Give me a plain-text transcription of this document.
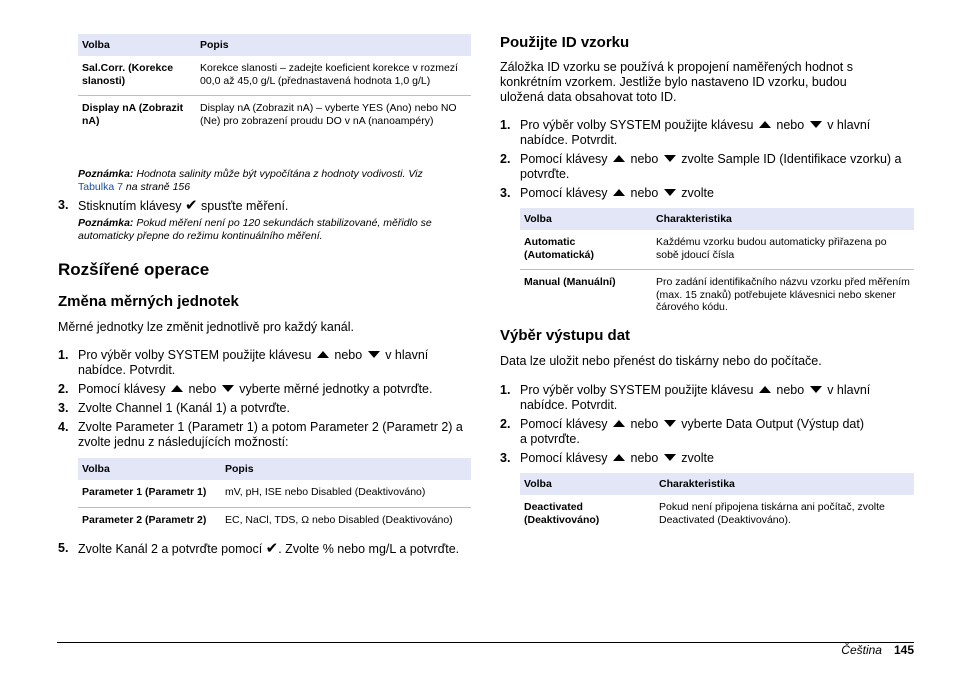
Volba	Popis
Sal.Corr. (Korekce slanosti)	Korekce slanosti – zadejte koeficient korekce v rozmezí 00,0 až 45,0 g/L (přednastavená hodnota 1,0 g/L)
Display nA (Zobrazit nA)	Display nA (Zobrazit nA) – vyberte YES (Ano) nebo NO (Ne) pro zobrazení proudu DO v nA (nanoampéry)

Poznámka: Hodnota salinity může být vypočítána z hodnoty vodivosti. Viz Tabulka 7 na straně 156

3. Stisknutím klávesy ✔ spusťte měření.

Poznámka: Pokud měření není po 120 sekundách stabilizované, měřidlo se automaticky přepne do režimu kontinuálního měření.

Rozšířené operace
Změna měrných jednotek

Měrné jednotky lze změnit jednotlivě pro každý kanál.

1. Pro výběr volby SYSTEM použijte klávesu nebo v hlavní nabídce. Potvrdit.
2. Pomocí klávesy nebo vyberte měrné jednotky a potvrďte.
3. Zvolte Channel 1 (Kanál 1) a potvrďte.
4. Zvolte Parameter 1 (Parametr 1) a potom Parameter 2 (Parametr 2) a zvolte jednu z následujících možností:
Volba	Popis
Parameter 1 (Parametr 1)	mV, pH, ISE nebo Disabled (Deaktivováno)
Parameter 2 (Parametr 2)	EC, NaCl, TDS, Ω nebo Disabled (Deaktivováno)
5. Zvolte Kanál 2 a potvrďte pomocí ✔. Zvolte % nebo mg/L a potvrďte.
Použijte ID vzorku

Záložka ID vzorku se používá k propojení naměřených hodnot s konkrétním vzorkem. Jestliže bylo nastaveno ID vzorku, budou uložená data obsahovat toto ID.

1. Pro výběr volby SYSTEM použijte klávesu nebo v hlavní nabídce. Potvrdit.
2. Pomocí klávesy nebo zvolte Sample ID (Identifikace vzorku) a potvrďte.
3. Pomocí klávesy nebo zvolte
Volba	Charakteristika
Automatic (Automatická)	Každému vzorku budou automaticky přiřazena po sobě jdoucí čísla
Manual (Manuální)	Pro zadání identifikačního názvu vzorku před měřením (max. 15 znaků) potřebujete klávesnici nebo skener čárového kódu.
Výběr výstupu dat

Data lze uložit nebo přenést do tiskárny nebo do počítače.

1. Pro výběr volby SYSTEM použijte klávesu nebo v hlavní nabídce. Potvrdit.
2. Pomocí klávesy nebo vyberte Data Output (Výstup dat) a potvrďte.
3. Pomocí klávesy nebo zvolte
Volba	Charakteristika
Deactivated (Deaktivováno)	Pokud není připojena tiskárna ani počítač, zvolte Deactivated (Deaktivováno).
Čeština 145
